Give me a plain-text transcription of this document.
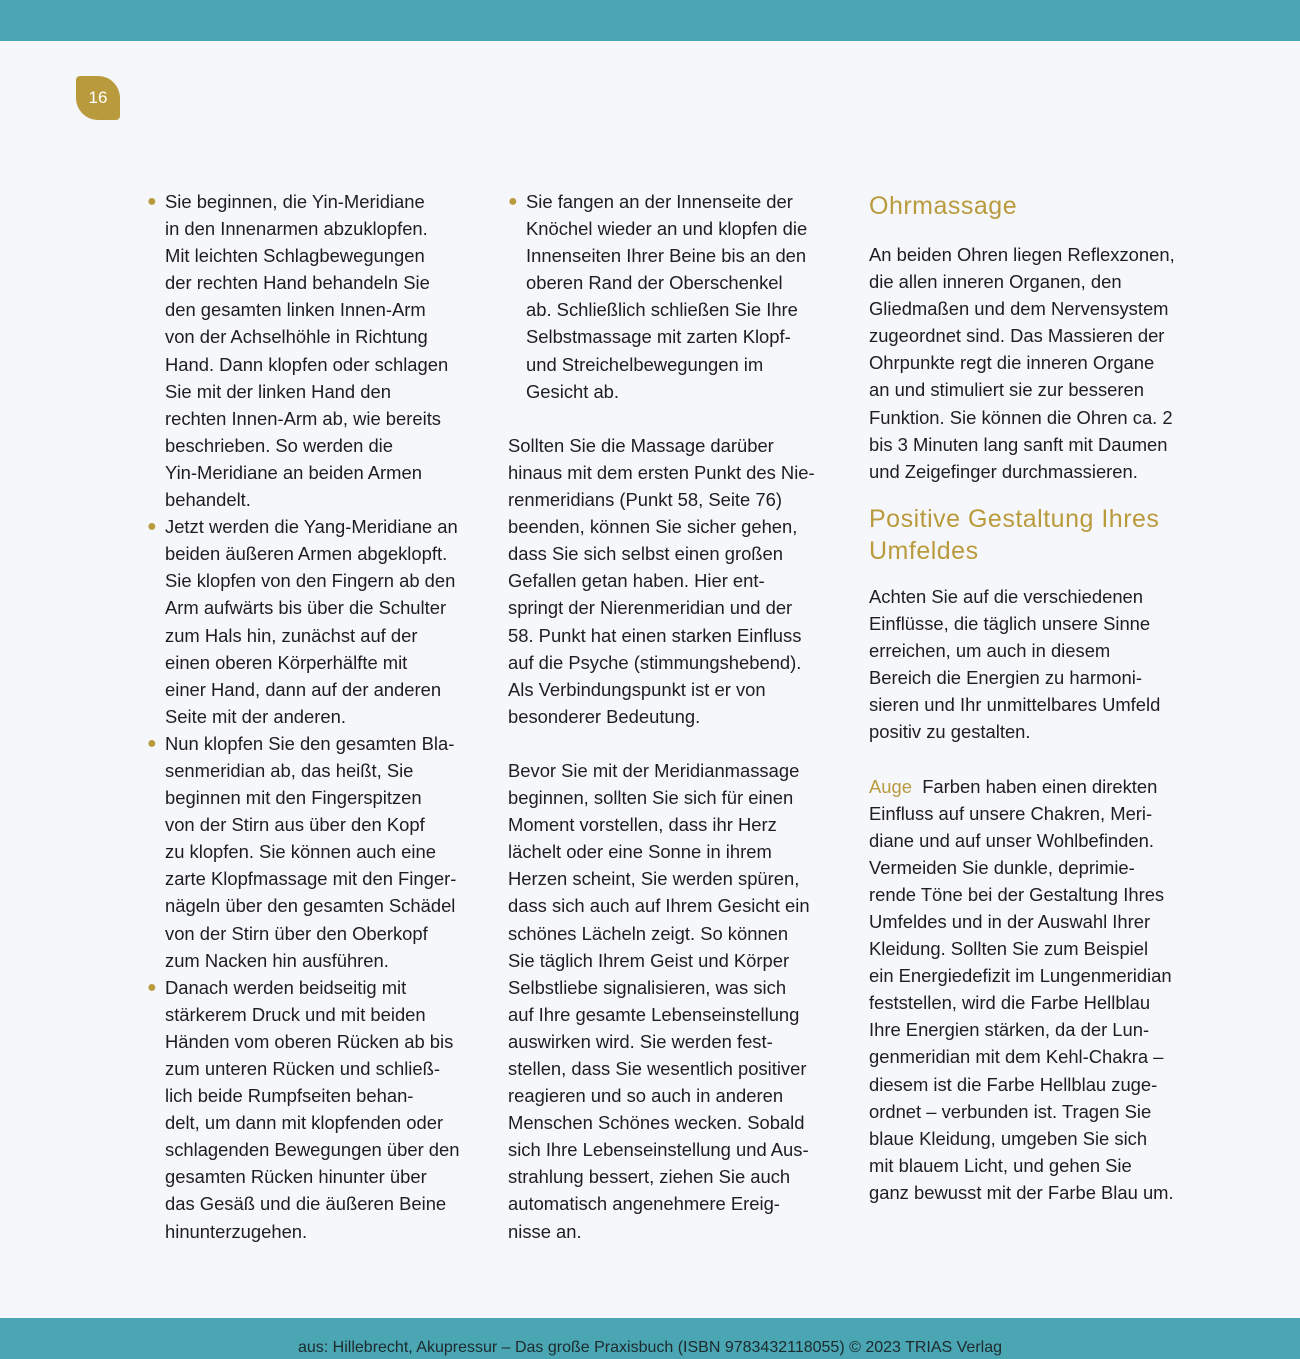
16
● Sie beginnen, die Yin-Meridiane
in den Innenarmen abzuklopfen.
Mit leichten Schlagbewegungen
der rechten Hand behandeln Sie
den gesamten linken Innen-Arm
von der Achselhöhle in Richtung
Hand. Dann klopfen oder schlagen
Sie mit der linken Hand den
rechten Innen-Arm ab, wie bereits
beschrieben. So werden die
Yin-Meridiane an beiden Armen
behandelt.
● Jetzt werden die Yang-Meridiane an
beiden äußeren Armen abgeklopft.
Sie klopfen von den Fingern ab den
Arm aufwärts bis über die Schulter
zum Hals hin, zunächst auf der
einen oberen Körperhälfte mit
einer Hand, dann auf der anderen
Seite mit der anderen.
● Nun klopfen Sie den gesamten Bla-
senmeridian ab, das heißt, Sie
beginnen mit den Fingerspitzen
von der Stirn aus über den Kopf
zu klopfen. Sie können auch eine
zarte Klopfmassage mit den Finger-
nägeln über den gesamten Schädel
von der Stirn über den Oberkopf
zum Nacken hin ausführen.
● Danach werden beidseitig mit
stärkerem Druck und mit beiden
Händen vom oberen Rücken ab bis
zum unteren Rücken und schließ-
lich beide Rumpfseiten behan-
delt, um dann mit klopfenden oder
schlagenden Bewegungen über den
gesamten Rücken hinunter über
das Gesäß und die äußeren Beine
hinunterzugehen.
● Sie fangen an der Innenseite der
Knöchel wieder an und klopfen die
Innenseiten Ihrer Beine bis an den
oberen Rand der Oberschenkel
ab. Schließlich schließen Sie Ihre
Selbstmassage mit zarten Klopf-
und Streichelbewegungen im
Gesicht ab.
Sollten Sie die Massage darüber
hinaus mit dem ersten Punkt des Nie-
renmeridians (Punkt 58, Seite 76)
beenden, können Sie sicher gehen,
dass Sie sich selbst einen großen
Gefallen getan haben. Hier ent-
springt der Nierenmeridian und der
58. Punkt hat einen starken Einfluss
auf die Psyche (stimmungshebend).
Als Verbindungspunkt ist er von
besonderer Bedeutung.
Bevor Sie mit der Meridianmassage
beginnen, sollten Sie sich für einen
Moment vorstellen, dass ihr Herz
lächelt oder eine Sonne in ihrem
Herzen scheint, Sie werden spüren,
dass sich auch auf Ihrem Gesicht ein
schönes Lächeln zeigt. So können
Sie täglich Ihrem Geist und Körper
Selbstliebe signalisieren, was sich
auf Ihre gesamte Lebenseinstellung
auswirken wird. Sie werden fest-
stellen, dass Sie wesentlich positiver
reagieren und so auch in anderen
Menschen Schönes wecken. Sobald
sich Ihre Lebenseinstellung und Aus-
strahlung bessert, ziehen Sie auch
automatisch angenehmere Ereig-
nisse an.
Ohrmassage
An beiden Ohren liegen Reflexzonen,
die allen inneren Organen, den
Gliedmaßen und dem Nervensystem
zugeordnet sind. Das Massieren der
Ohrpunkte regt die inneren Organe
an und stimuliert sie zur besseren
Funktion. Sie können die Ohren ca. 2
bis 3 Minuten lang sanft mit Daumen
und Zeigefinger durchmassieren.
Positive Gestaltung Ihres
Umfeldes
Achten Sie auf die verschiedenen
Einflüsse, die täglich unsere Sinne
erreichen, um auch in diesem
Bereich die Energien zu harmoni-
sieren und Ihr unmittelbares Umfeld
positiv zu gestalten.
Auge Farben haben einen direkten
Einfluss auf unsere Chakren, Meri-
diane und auf unser Wohlbefinden.
Vermeiden Sie dunkle, deprimie-
rende Töne bei der Gestaltung Ihres
Umfeldes und in der Auswahl Ihrer
Kleidung. Sollten Sie zum Beispiel
ein Energiedefizit im Lungenmeridian
feststellen, wird die Farbe Hellblau
Ihre Energien stärken, da der Lun-
genmeridian mit dem Kehl-Chakra –
diesem ist die Farbe Hellblau zuge-
ordnet – verbunden ist. Tragen Sie
blaue Kleidung, umgeben Sie sich
mit blauem Licht, und gehen Sie
ganz bewusst mit der Farbe Blau um.
aus: Hillebrecht, Akupressur – Das große Praxisbuch (ISBN 9783432118055) © 2023 TRIAS Verlag
